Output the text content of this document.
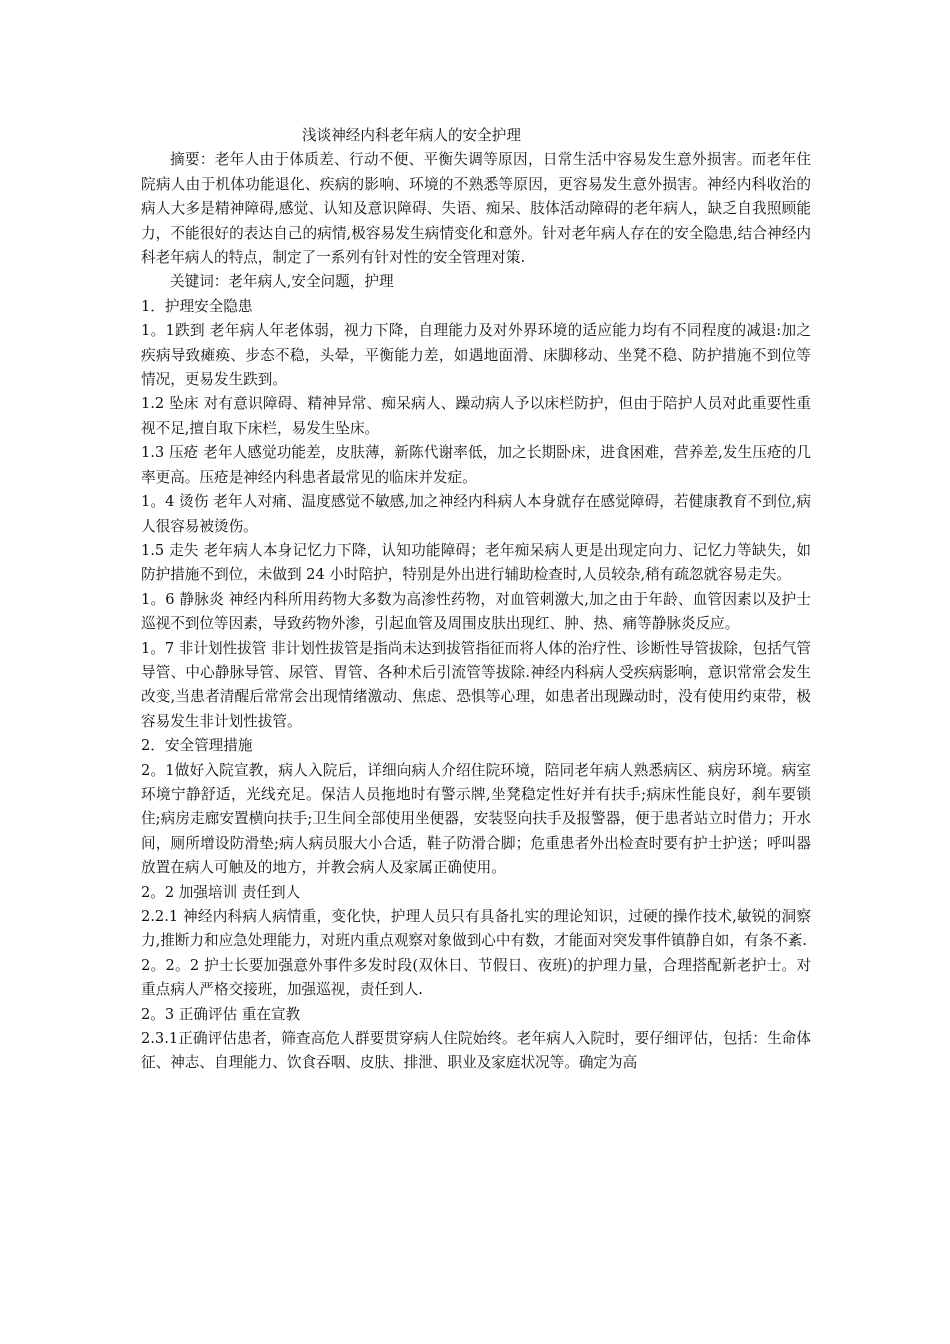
浅谈神经内科老年病人的安全护理

摘要：老年人由于体质差、行动不便、平衡失调等原因，日常生活中容易发生意外损害。而老年住院病人由于机体功能退化、疾病的影响、环境的不熟悉等原因，更容易发生意外损害。神经内科收治的病人大多是精神障碍,感觉、认知及意识障碍、失语、痴呆、肢体活动障碍的老年病人，缺乏自我照顾能力，不能很好的表达自己的病情,极容易发生病情变化和意外。针对老年病人存在的安全隐患,结合神经内科老年病人的特点，制定了一系列有针对性的安全管理对策.

关键词：老年病人,安全问题，护理

1．护理安全隐患

1。1跌到 老年病人年老体弱，视力下降，自理能力及对外界环境的适应能力均有不同程度的减退:加之疾病导致瘫痪、步态不稳，头晕，平衡能力差，如遇地面滑、床脚移动、坐凳不稳、防护措施不到位等情况，更易发生跌到。

1.2 坠床 对有意识障碍、精神异常、痴呆病人、躁动病人予以床栏防护，但由于陪护人员对此重要性重视不足,擅自取下床栏，易发生坠床。

1.3 压疮 老年人感觉功能差，皮肤薄，新陈代谢率低，加之长期卧床，进食困难，营养差,发生压疮的几率更高。压疮是神经内科患者最常见的临床并发症。

1。4 烫伤 老年人对痛、温度感觉不敏感,加之神经内科病人本身就存在感觉障碍，若健康教育不到位,病人很容易被烫伤。

1.5 走失 老年病人本身记忆力下降，认知功能障碍；老年痴呆病人更是出现定向力、记忆力等缺失，如防护措施不到位，未做到 24 小时陪护，特别是外出进行辅助检查时,人员较杂,稍有疏忽就容易走失。

1。6 静脉炎 神经内科所用药物大多数为高渗性药物，对血管刺激大,加之由于年龄、血管因素以及护士巡视不到位等因素，导致药物外渗，引起血管及周围皮肤出现红、肿、热、痛等静脉炎反应。

1。7 非计划性拔管 非计划性拔管是指尚未达到拔管指征而将人体的治疗性、诊断性导管拔除，包括气管导管、中心静脉导管、尿管、胃管、各种术后引流管等拔除.神经内科病人受疾病影响，意识常常会发生改变,当患者清醒后常常会出现情绪激动、焦虑、恐惧等心理，如患者出现躁动时，没有使用约束带，极容易发生非计划性拔管。

2．安全管理措施

2。1做好入院宣教，病人入院后，详细向病人介绍住院环境，陪同老年病人熟悉病区、病房环境。病室环境宁静舒适，光线充足。保洁人员拖地时有警示牌,坐凳稳定性好并有扶手;病床性能良好，刹车要锁住;病房走廊安置横向扶手;卫生间全部使用坐便器，安装竖向扶手及报警器，便于患者站立时借力；开水间，厕所增设防滑垫;病人病员服大小合适，鞋子防滑合脚；危重患者外出检查时要有护士护送；呼叫器放置在病人可触及的地方，并教会病人及家属正确使用。

2。2 加强培训 责任到人

2.2.1 神经内科病人病情重，变化快，护理人员只有具备扎实的理论知识，过硬的操作技术,敏锐的洞察力,推断力和应急处理能力，对班内重点观察对象做到心中有数，才能面对突发事件镇静自如，有条不紊.

2。2。2 护士长要加强意外事件多发时段(双休日、节假日、夜班)的护理力量，合理搭配新老护士。对重点病人严格交接班，加强巡视，责任到人.

2。3 正确评估 重在宣教

2.3.1正确评估患者，筛查高危人群要贯穿病人住院始终。老年病人入院时，要仔细评估，包括：生命体征、神志、自理能力、饮食吞咽、皮肤、排泄、职业及家庭状况等。确定为高
